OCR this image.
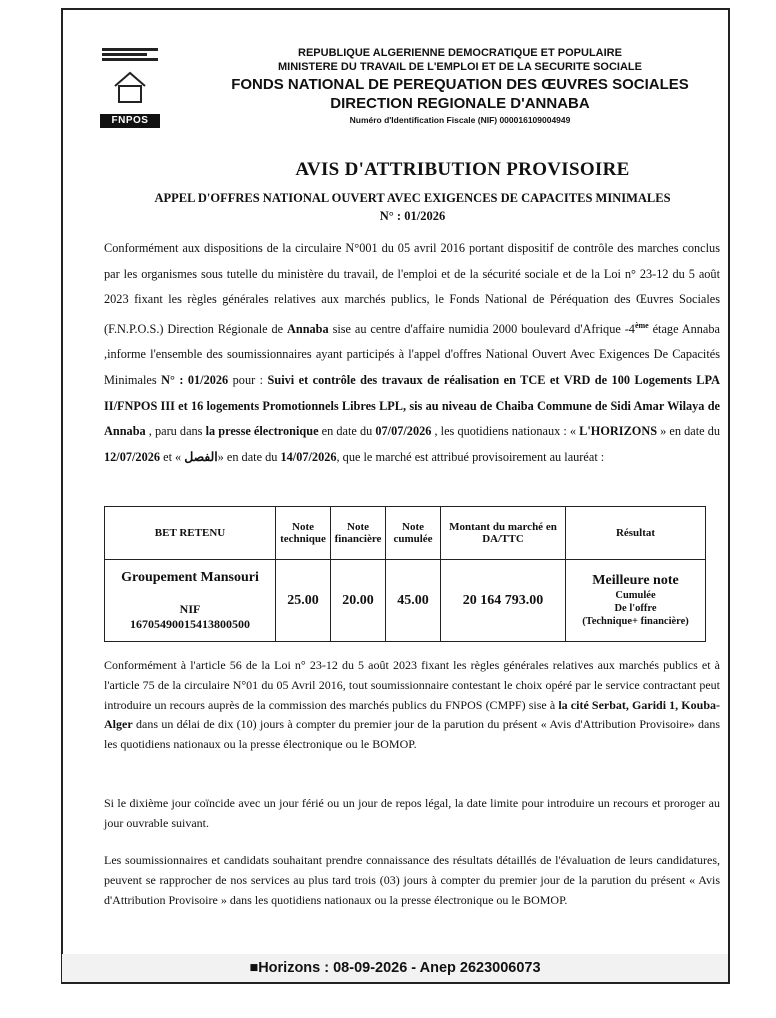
FNPOS
REPUBLIQUE ALGERIENNE DEMOCRATIQUE ET POPULAIRE
MINISTERE DU TRAVAIL DE L'EMPLOI ET DE LA SECURITE SOCIALE
FONDS NATIONAL DE PEREQUATION DES ŒUVRES SOCIALES
DIRECTION REGIONALE D'ANNABA
Numéro d'Identification Fiscale (NIF) 000016109004949
AVIS D'ATTRIBUTION PROVISOIRE
APPEL D'OFFRES NATIONAL OUVERT AVEC EXIGENCES DE CAPACITES MINIMALES
N° : 01/2026
Conformément aux dispositions de la circulaire N°001 du 05 avril 2016 portant dispositif de contrôle des marches conclus par les organismes sous tutelle du ministère du travail, de l'emploi et de la sécurité sociale et de la Loi n° 23-12 du 5 août 2023 fixant les règles générales relatives aux marchés publics, le Fonds National de Péréquation des Œuvres Sociales (F.N.P.O.S.) Direction Régionale de Annaba sise au centre d'affaire numidia 2000 boulevard d'Afrique -4ème étage Annaba ,informe l'ensemble des soumissionnaires ayant participés à l'appel d'offres National Ouvert Avec Exigences De Capacités Minimales N° : 01/2026 pour : Suivi et contrôle des travaux de réalisation en TCE et VRD de 100 Logements LPA II/FNPOS III et 16 logements Promotionnels Libres LPL, sis au niveau de Chaiba Commune de Sidi Amar Wilaya de Annaba , paru dans la presse électronique en date du 07/07/2026 , les quotidiens nationaux : « L'HORIZONS » en date du 12/07/2026 et « الفصل» en date du 14/07/2026, que le marché est attribué provisoirement au lauréat :
BET RETENU	Note technique	Note financière	Note cumulée	Montant du marché en DA/TTC	Résultat

Groupement Mansouri
NIF
1670549001541380050​0	25.00	20.00	45.00	20 164 793.00	Meilleure note
Cumulée
De l'offre
(Technique+ financière)
Conformément à l'article 56 de la Loi n° 23-12 du 5 août 2023 fixant les règles générales relatives aux marchés publics et à l'article 75 de la circulaire N°01 du 05 Avril 2016, tout soumissionnaire contestant le choix opéré par le service contractant peut introduire un recours auprès de la commission des marchés publics du FNPOS (CMPF) sise à la cité Serbat, Garidi 1, Kouba-Alger dans un délai de dix (10) jours à compter du premier jour de la parution du présent « Avis d'Attribution Provisoire» dans les quotidiens nationaux ou la presse électronique ou le BOMOP.
Si le dixième jour coïncide avec un jour férié ou un jour de repos légal, la date limite pour introduire un recours et proroger au jour ouvrable suivant.
Les soumissionnaires et candidats souhaitant prendre connaissance des résultats détaillés de l'évaluation de leurs candidatures, peuvent se rapprocher de nos services au plus tard trois (03) jours à compter du premier jour de la parution du présent « Avis d'Attribution Provisoire » dans les quotidiens nationaux ou la presse électronique ou le BOMOP.
■Horizons : 08-09-2026 - Anep 2623006073
